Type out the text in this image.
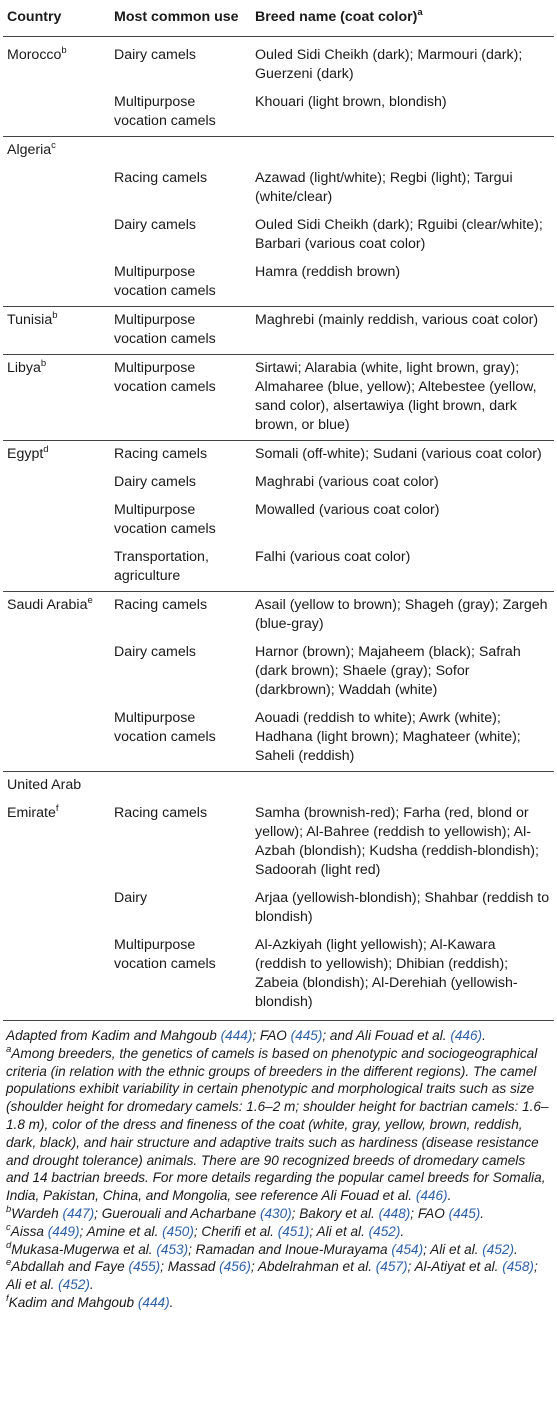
Country	Most common use	Breed name (coat color)$^a$
Morocco$^b$	Dairy camels	Ouled Sidi Cheikh (dark); Marmouri (dark); Guerzeni (dark)
	Multipurpose vocation camels	Khouari (light brown, blondish)
Algeria$^c$		
	Racing camels	Azawad (light/white); Regbi (light); Targui (white/clear)
	Dairy camels	Ouled Sidi Cheikh (dark); Rguibi (clear/white); Barbari (various coat color)
	Multipurpose vocation camels	Hamra (reddish brown)
Tunisia$^b$	Multipurpose vocation camels	Maghrebi (mainly reddish, various coat color)
Libya$^b$	Multipurpose vocation camels	Sirtawi; Alarabia (white, light brown, gray); Almaharee (blue, yellow); Altebestee (yellow, sand color), alsertawiya (light brown, dark brown, or blue)
Egypt$^d$	Racing camels	Somali (off-white); Sudani (various coat color)
	Dairy camels	Maghrabi (various coat color)
	Multipurpose vocation camels	Mowalled (various coat color)
	Transportation, agriculture	Falhi (various coat color)
Saudi Arabia$^e$	Racing camels	Asail (yellow to brown); Shageh (gray); Zargeh (blue-gray)
	Dairy camels	Harnor (brown); Majaheem (black); Safrah (dark brown); Shaele (gray); Sofor (darkbrown); Waddah (white)
	Multipurpose vocation camels	Aouadi (reddish to white); Awrk (white); Hadhana (light brown); Maghateer (white); Saheli (reddish)
United Arab		
Emirate$^f$	Racing camels	Samha (brownish-red); Farha (red, blond or yellow); Al-Bahree (reddish to yellowish); Al-Azbah (blondish); Kudsha (reddish-blondish); Sadoorah (light red)
	Dairy	Arjaa (yellowish-blondish); Shahbar (reddish to blondish)
	Multipurpose vocation camels	Al-Azkiyah (light yellowish); Al-Kawara (reddish to yellowish); Dhibian (reddish); Zabeia (blondish); Al-Derehiah (yellowish-blondish)

Adapted from Kadim and Mahgoub (444); FAO (445); and Ali Fouad et al. (446).

$^a$Among breeders, the genetics of camels is based on phenotypic and sociogeographical criteria (in relation with the ethnic groups of breeders in the different regions). The camel populations exhibit variability in certain phenotypic and morphological traits such as size (shoulder height for dromedary camels: 1.6–2 m; shoulder height for bactrian camels: 1.6–1.8 m), color of the dress and fineness of the coat (white, gray, yellow, brown, reddish, dark, black), and hair structure and adaptive traits such as hardiness (disease resistance and drought tolerance) animals. There are 90 recognized breeds of dromedary camels and 14 bactrian breeds. For more details regarding the popular camel breeds for Somalia, India, Pakistan, China, and Mongolia, see reference Ali Fouad et al. (446).

$^b$Wardeh (447); Guerouali and Acharbane (430); Bakory et al. (448); FAO (445).

$^c$Aissa (449); Amine et al. (450); Cherifi et al. (451); Ali et al. (452).

$^d$Mukasa-Mugerwa et al. (453); Ramadan and Inoue-Murayama (454); Ali et al. (452).

$^e$Abdallah and Faye (455); Massad (456); Abdelrahman et al. (457); Al-Atiyat et al. (458); Ali et al. (452).

$^f$Kadim and Mahgoub (444).
